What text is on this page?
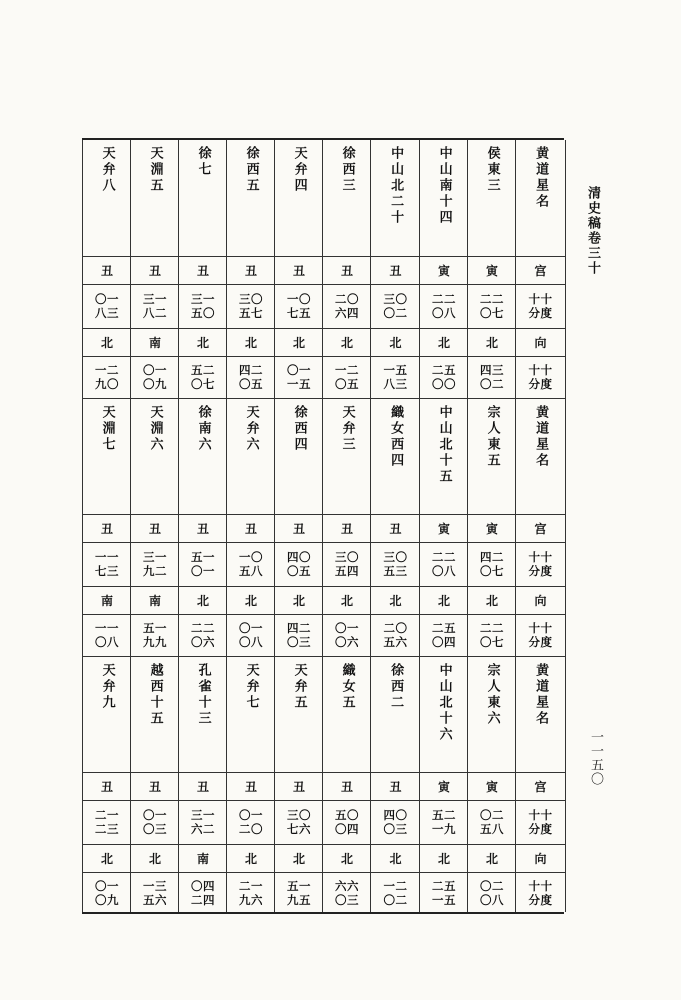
清史稿卷三十
天弁八
丑
〇一
八三
北
一二
九〇
天淵七
丑
一一
七三
南
一一
〇八
天弁九
丑
二一
二三
北
〇一
〇九
天淵五
丑
三一
八二
南
〇一
〇九
天淵六
丑
三一
九二
南
五一
九九
越西十五
丑
〇一
〇三
北
一三
五六
徐七
丑
三一
五〇
北
五二
〇七
徐南六
丑
五一
〇一
北
二二
〇六
孔雀十三
丑
三一
六二
南
〇四
二四
徐西五
丑
三〇
五七
北
四二
〇五
天弁六
丑
一〇
五八
北
〇一
〇八
天弁七
丑
〇一
二〇
北
二一
九六
天弁四
丑
一〇
七五
北
〇一
一五
徐西四
丑
四〇
〇五
北
四二
〇三
天弁五
丑
三〇
七六
北
五一
九五
徐西三
丑
二〇
六四
北
一二
〇五
天弁三
丑
三〇
五四
北
〇一
〇六
織女五
丑
五〇
〇四
北
六六
〇三
中山北二十
丑
三〇
〇二
北
一五
八三
織女西四
丑
三〇
五三
北
二〇
五六
徐西二
丑
四〇
〇三
北
一二
〇二
中山南十四
寅
二二
〇八
北
二五
〇〇
中山北十五
寅
二二
〇八
北
二五
〇四
中山北十六
寅
五二
一九
北
二五
一五
侯東三
寅
二二
〇七
北
四三
〇二
宗人東五
寅
四二
〇七
北
二二
〇七
宗人東六
寅
〇二
五八
北
〇二
〇八
黄道星名
宫
十十
分度
向
十十
分度
黄道星名
宫
十十
分度
向
十十
分度
黄道星名
宫
十十
分度
向
十十
分度
一一五〇
